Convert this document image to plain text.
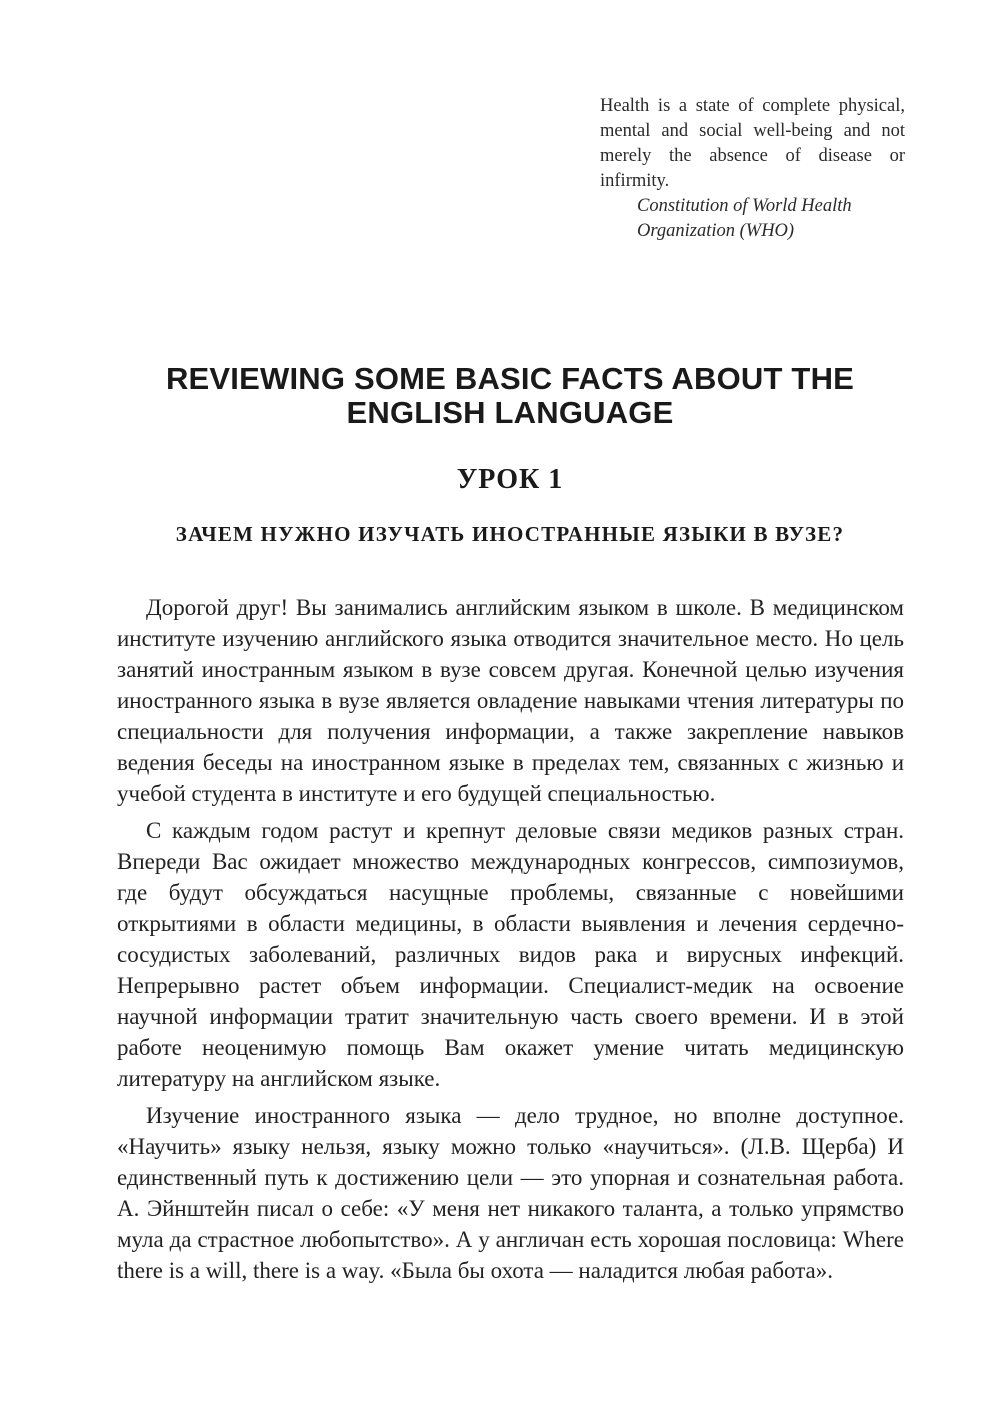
Health is a state of complete physical, mental and social well-being and not merely the absence of disease or infirmity.

Constitution of World Health Organization (WHO)

REVIEWING SOME BASIC FACTS ABOUT THE ENGLISH LANGUAGE
УРОК 1
ЗАЧЕМ НУЖНО ИЗУЧАТЬ ИНОСТРАННЫЕ ЯЗЫКИ В ВУЗЕ?

Дорогой друг! Вы занимались английским языком в школе. В медицинском институте изучению английского языка отводится значительное место. Но цель занятий иностранным языком в вузе совсем другая. Конечной целью изучения иностранного языка в вузе является овладение навыками чтения литературы по специальности для получения информации, а также закрепление навыков ведения беседы на иностранном языке в пределах тем, связанных с жизнью и учебой студента в институте и его будущей специальностью.

С каждым годом растут и крепнут деловые связи медиков разных стран. Впереди Вас ожидает множество международных конгрессов, симпозиумов, где будут обсуждаться насущные проблемы, связанные с новейшими открытиями в области медицины, в области выявления и лечения сердечно-сосудистых заболеваний, различных видов рака и вирусных инфекций. Непрерывно растет объем информации. Специалист-медик на освоение научной информации тратит значительную часть своего времени. И в этой работе неоценимую помощь Вам окажет умение читать медицинскую литературу на английском языке.

Изучение иностранного языка — дело трудное, но вполне доступное. «Научить» языку нельзя, языку можно только «научиться». (Л.В. Щерба) И единственный путь к достижению цели — это упорная и сознательная работа. А. Эйнштейн писал о себе: «У меня нет никакого таланта, а только упрямство мула да страстное любопытство». А у англичан есть хорошая пословица: Where there is a will, there is a way. «Была бы охота — наладится любая работа».
